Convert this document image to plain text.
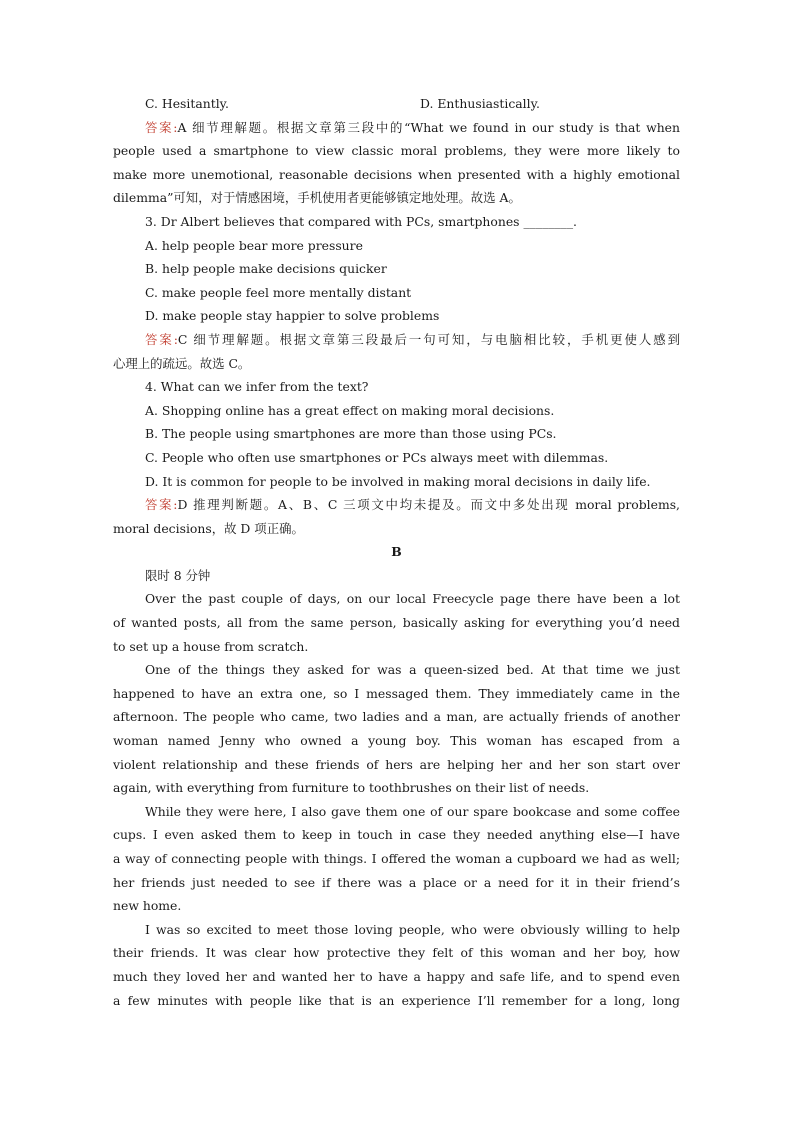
C. Hesitantly.	D. Enthusiastically.
答案:A 细节理解题。根据文章第三段中的“What we found in our study is that when
people used a smartphone to view classic moral problems, they were more likely to
make more unemotional, reasonable decisions when presented with a highly emotional
dilemma”可知，对于情感困境，手机使用者更能够镇定地处理。故选 A。
3. Dr Albert believes that compared with PCs, smartphones ________.
A. help people bear more pressure
B. help people make decisions quicker
C. make people feel more mentally distant
D. make people stay happier to solve problems
答案:C 细节理解题。根据文章第三段最后一句可知，与电脑相比较，手机更使人感到
心理上的疏远。故选 C。
4. What can we infer from the text?
A. Shopping online has a great effect on making moral decisions.
B. The people using smartphones are more than those using PCs.
C. People who often use smartphones or PCs always meet with dilemmas.
D. It is common for people to be involved in making moral decisions in daily life.
答案:D 推理判断题。A、B、C 三项文中均未提及。而文中多处出现 moral problems,
moral decisions，故 D 项正确。
B
限时 8 分钟
Over the past couple of days, on our local Freecycle page there have been a lot
of wanted posts, all from the same person, basically asking for everything you’d need
to set up a house from scratch.
One of the things they asked for was a queen-sized bed. At that time we just
happened to have an extra one, so I messaged them. They immediately came in the
afternoon. The people who came, two ladies and a man, are actually friends of another
woman named Jenny who owned a young boy. This woman has escaped from a
violent relationship and these friends of hers are helping her and her son start over
again, with everything from furniture to toothbrushes on their list of needs.
While they were here, I also gave them one of our spare bookcase and some coffee
cups. I even asked them to keep in touch in case they needed anything else—I have
a way of connecting people with things. I offered the woman a cupboard we had as well;
her friends just needed to see if there was a place or a need for it in their friend’s
new home.
I was so excited to meet those loving people, who were obviously willing to help
their friends. It was clear how protective they felt of this woman and her boy, how
much they loved her and wanted her to have a happy and safe life, and to spend even
a few minutes with people like that is an experience I’ll remember for a long, long
